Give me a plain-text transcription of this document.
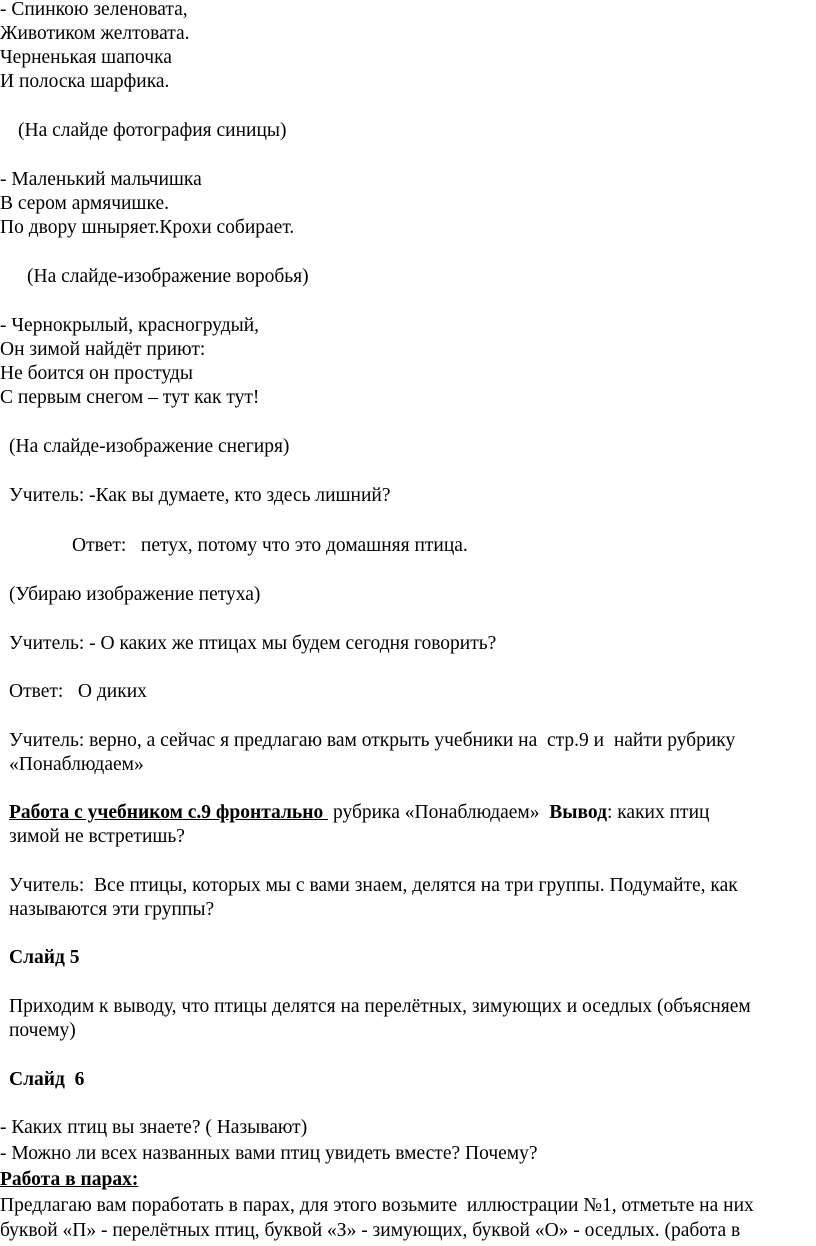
- Спинкою зеленовата,
Животиком желтовата.
Черненькая шапочка
И полоска шарфика.
(На слайде фотография синицы)
- Маленький мальчишка
В сером армячишке.
По двору шныряет.Крохи собирает.
(На слайде-изображение воробья)
- Чернокрылый, красногрудый,
Он зимой найдёт приют:
Не боится он простуды
С первым снегом – тут как тут!
(На слайде-изображение снегиря)
Учитель: -Как вы думаете, кто здесь лишний?
Ответ:   петух, потому что это домашняя птица.
(Убираю изображение петуха)
Учитель: - О каких же птицах мы будем сегодня говорить?
Ответ:   О диких
Учитель: верно, а сейчас я предлагаю вам открыть учебники на  стр.9 и  найти рубрику
«Понаблюдаем»
Работа с учебником с.9 фронтально  рубрика «Понаблюдаем»  Вывод: каких птиц
зимой не встретишь?
Учитель:  Все птицы, которых мы с вами знаем, делятся на три группы. Подумайте, как
называются эти группы?
Слайд 5
Приходим к выводу, что птицы делятся на перелётных, зимующих и оседлых (объясняем
почему)
Слайд  6
- Каких птиц вы знаете? ( Называют)
- Можно ли всех названных вами птиц увидеть вместе? Почему?
Работа в парах:
Предлагаю вам поработать в парах, для этого возьмите  иллюстрации №1, отметьте на них
буквой «П» - перелётных птиц, буквой «З» - зимующих, буквой «О» - оседлых. (работа в
